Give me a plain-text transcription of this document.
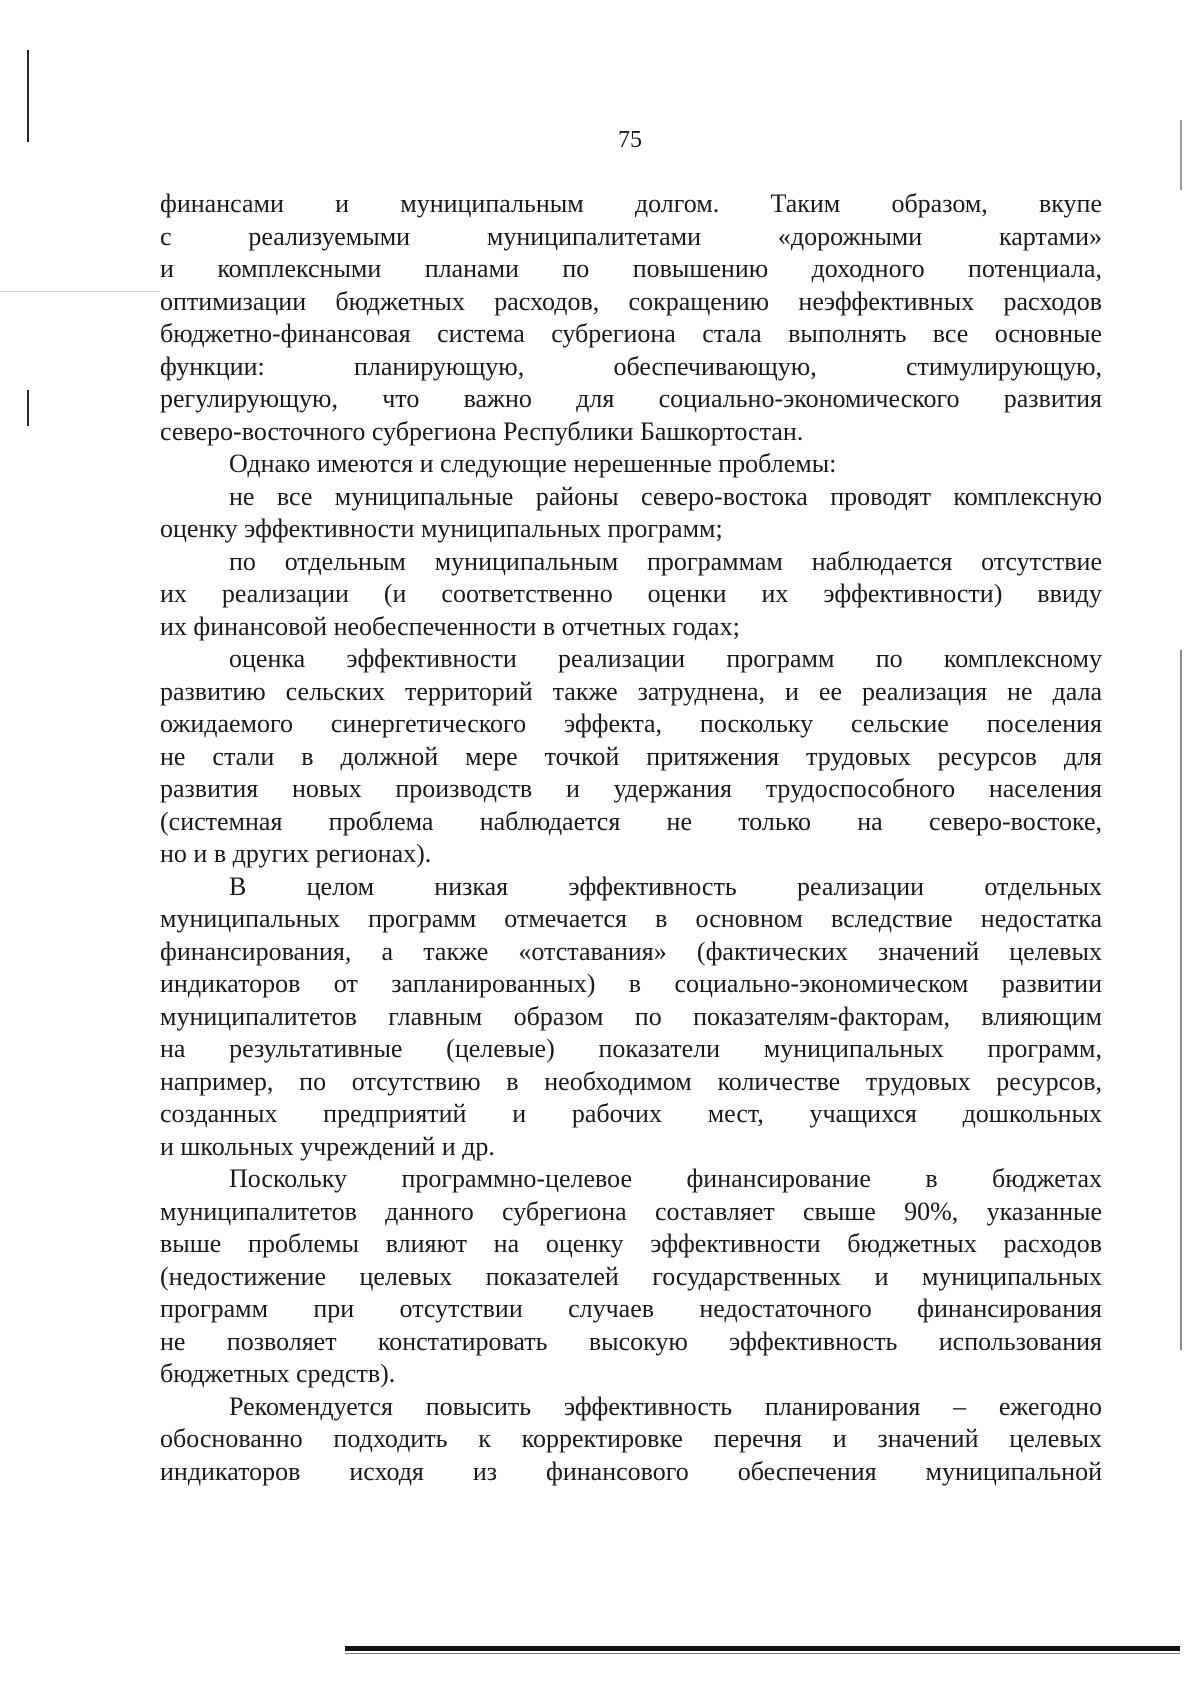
75
финансами и муниципальным долгом. Таким образом, вкупе
с реализуемыми муниципалитетами «дорожными картами»
и комплексными планами по повышению доходного потенциала,
оптимизации бюджетных расходов, сокращению неэффективных расходов
бюджетно-финансовая система субрегиона стала выполнять все основные
функции: планирующую, обеспечивающую, стимулирующую,
регулирующую, что важно для социально-экономического развития
северо-восточного субрегиона Республики Башкортостан.
Однако имеются и следующие нерешенные проблемы:
не все муниципальные районы северо-востока проводят комплексную
оценку эффективности муниципальных программ;
по отдельным муниципальным программам наблюдается отсутствие
их реализации (и соответственно оценки их эффективности) ввиду
их финансовой необеспеченности в отчетных годах;
оценка эффективности реализации программ по комплексному
развитию сельских территорий также затруднена, и ее реализация не дала
ожидаемого синергетического эффекта, поскольку сельские поселения
не стали в должной мере точкой притяжения трудовых ресурсов для
развития новых производств и удержания трудоспособного населения
(системная проблема наблюдается не только на северо-востоке,
но и в других регионах).
В целом низкая эффективность реализации отдельных
муниципальных программ отмечается в основном вследствие недостатка
финансирования, а также «отставания» (фактических значений целевых
индикаторов от запланированных) в социально-экономическом развитии
муниципалитетов главным образом по показателям-факторам, влияющим
на результативные (целевые) показатели муниципальных программ,
например, по отсутствию в необходимом количестве трудовых ресурсов,
созданных предприятий и рабочих мест, учащихся дошкольных
и школьных учреждений и др.
Поскольку программно-целевое финансирование в бюджетах
муниципалитетов данного субрегиона составляет свыше 90%, указанные
выше проблемы влияют на оценку эффективности бюджетных расходов
(недостижение целевых показателей государственных и муниципальных
программ при отсутствии случаев недостаточного финансирования
не позволяет констатировать высокую эффективность использования
бюджетных средств).
Рекомендуется повысить эффективность планирования – ежегодно
обоснованно подходить к корректировке перечня и значений целевых
индикаторов исходя из финансового обеспечения муниципальной
